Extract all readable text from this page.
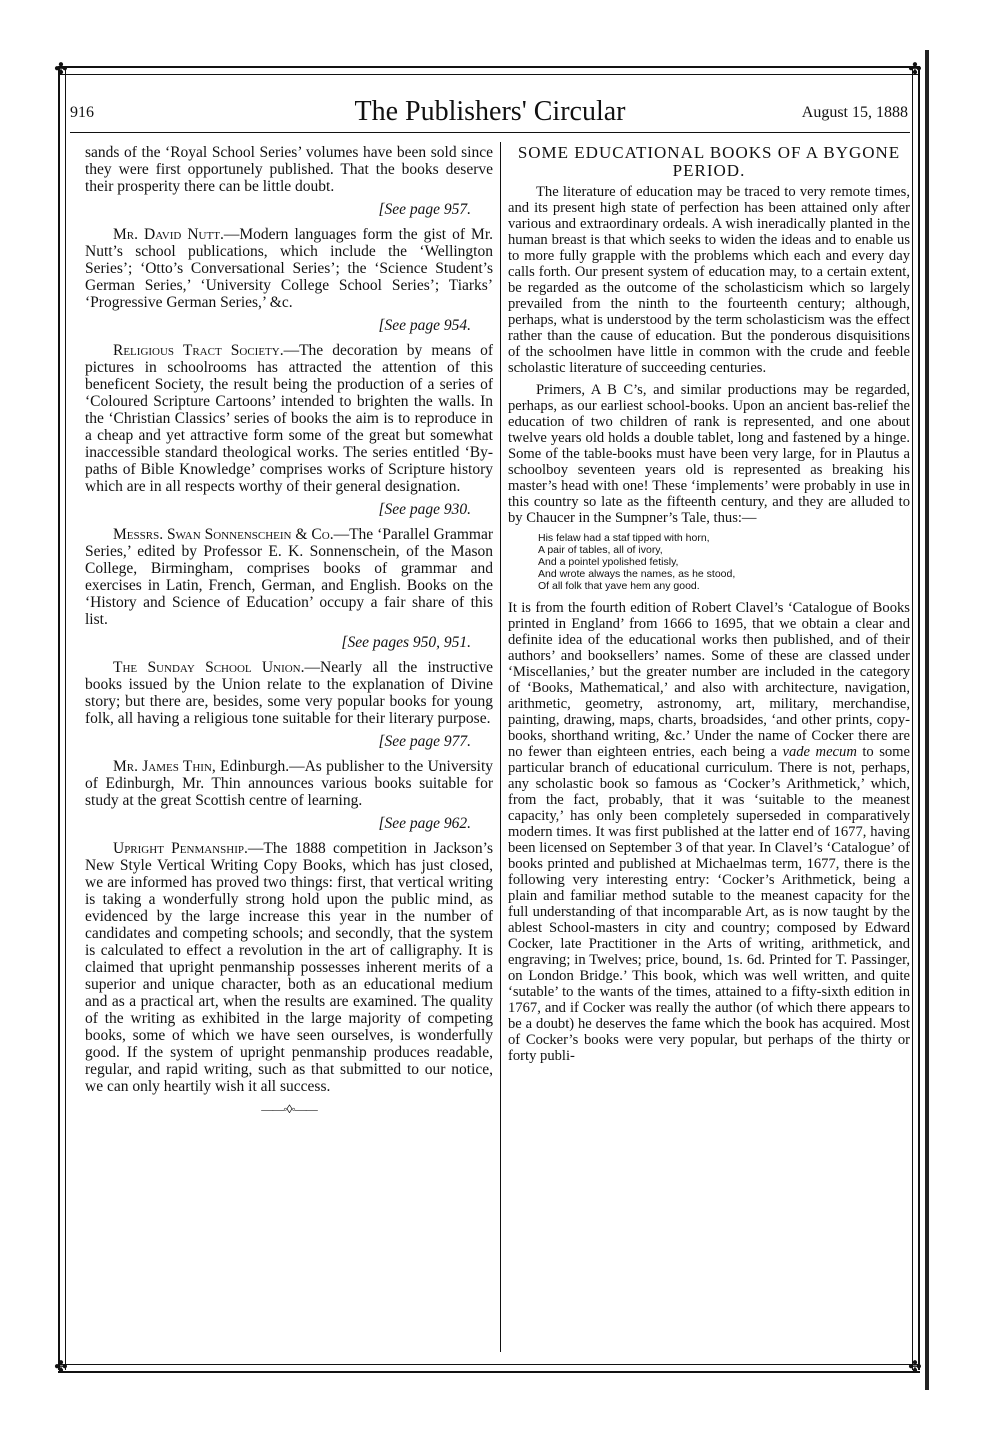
✤	✤
✤	✤
916	The Publishers' Circular	August 15, 1888

sands of the ‘Royal School Series’ volumes have been sold since they were first opportunely published. That the books deserve their prosperity there can be little doubt.

[See page 957.

Mr. David Nutt.—Modern languages form the gist of Mr. Nutt’s school publications, which include the ‘Wellington Series’; ‘Otto’s Conversational Series’; the ‘Science Student’s German Series,’ ‘University College School Series’; Tiarks’ ‘Progressive German Series,’ &c.

[See page 954.

Religious Tract Society.—The decoration by means of pictures in schoolrooms has attracted the attention of this beneficent Society, the result being the production of a series of ‘Coloured Scripture Cartoons’ intended to brighten the walls. In the ‘Christian Classics’ series of books the aim is to reproduce in a cheap and yet attractive form some of the great but somewhat inaccessible standard theological works. The series entitled ‘By-paths of Bible Knowledge’ comprises works of Scripture history which are in all respects worthy of their general designation.

[See page 930.

Messrs. Swan Sonnenschein & Co.—The ‘Parallel Grammar Series,’ edited by Professor E. K. Sonnenschein, of the Mason College, Birmingham, comprises books of grammar and exercises in Latin, French, German, and English. Books on the ‘History and Science of Education’ occupy a fair share of this list.

[See pages 950, 951.

The Sunday School Union.—Nearly all the instructive books issued by the Union relate to the explanation of Divine story; but there are, besides, some very popular books for young folk, all having a religious tone suitable for their literary purpose.

[See page 977.

Mr. James Thin, Edinburgh.—As publisher to the University of Edinburgh, Mr. Thin announces various books suitable for study at the great Scottish centre of learning.

[See page 962.

Upright Penmanship.—The 1888 competition in Jackson’s New Style Vertical Writing Copy Books, which has just closed, we are informed has proved two things: first, that vertical writing is taking a wonderfully strong hold upon the public mind, as evidenced by the large increase this year in the number of candidates and competing schools; and secondly, that the system is calculated to effect a revolution in the art of calligraphy. It is claimed that upright penmanship possesses inherent merits of a superior and unique character, both as an educational medium and as a practical art, when the results are examined. The quality of the writing as exhibited in the large majority of competing books, some of which we have seen ourselves, is wonderfully good. If the system of upright penmanship produces readable, regular, and rapid writing, such as that submitted to our notice, we can only heartily wish it all success.

——◦◊◦——
SOME EDUCATIONAL BOOKS OF A BYGONE PERIOD.

The literature of education may be traced to very remote times, and its present high state of perfection has been attained only after various and extraordinary ordeals. A wish ineradically planted in the human breast is that which seeks to widen the ideas and to enable us to more fully grapple with the problems which each and every day calls forth. Our present system of education may, to a certain extent, be regarded as the outcome of the scholasticism which so largely prevailed from the ninth to the fourteenth century; although, perhaps, what is understood by the term scholasticism was the effect rather than the cause of education. But the ponderous disquisitions of the schoolmen have little in common with the crude and feeble scholastic literature of succeeding centuries.

Primers, A B C’s, and similar productions may be regarded, perhaps, as our earliest school-books. Upon an ancient bas-relief the education of two children of rank is represented, and one about twelve years old holds a double tablet, long and fastened by a hinge. Some of the table-books must have been very large, for in Plautus a schoolboy seventeen years old is represented as breaking his master’s head with one! These ‘implements’ were probably in use in this country so late as the fifteenth century, and they are alluded to by Chaucer in the Sumpner’s Tale, thus:—

His felaw had a staf tipped with horn,
A pair of tables, all of ivory,
And a pointel ypolished fetisly,
And wrote always the names, as he stood,
Of all folk that yave hem any good.

It is from the fourth edition of Robert Clavel’s ‘Catalogue of Books printed in England’ from 1666 to 1695, that we obtain a clear and definite idea of the educational works then published, and of their authors’ and booksellers’ names. Some of these are classed under ‘Miscellanies,’ but the greater number are included in the category of ‘Books, Mathematical,’ and also with architecture, navigation, arithmetic, geometry, astronomy, art, military, merchandise, painting, drawing, maps, charts, broadsides, ‘and other prints, copy-books, shorthand writing, &c.’ Under the name of Cocker there are no fewer than eighteen entries, each being a vade mecum to some particular branch of educational curriculum. There is not, perhaps, any scholastic book so famous as ‘Cocker’s Arithmetick,’ which, from the fact, probably, that it was ‘suitable to the meanest capacity,’ has only been completely superseded in comparatively modern times. It was first published at the latter end of 1677, having been licensed on September 3 of that year. In Clavel’s ‘Catalogue’ of books printed and published at Michaelmas term, 1677, there is the following very interesting entry: ‘Cocker’s Arithmetick, being a plain and familiar method sutable to the meanest capacity for the full understanding of that incomparable Art, as is now taught by the ablest School-masters in city and country; composed by Edward Cocker, late Practitioner in the Arts of writing, arithmetick, and engraving; in Twelves; price, bound, 1s. 6d. Printed for T. Passinger, on London Bridge.’ This book, which was well written, and quite ‘sutable’ to the wants of the times, attained to a fifty-sixth edition in 1767, and if Cocker was really the author (of which there appears to be a doubt) he deserves the fame which the book has acquired. Most of Cocker’s books were very popular, but perhaps of the thirty or forty publi-
